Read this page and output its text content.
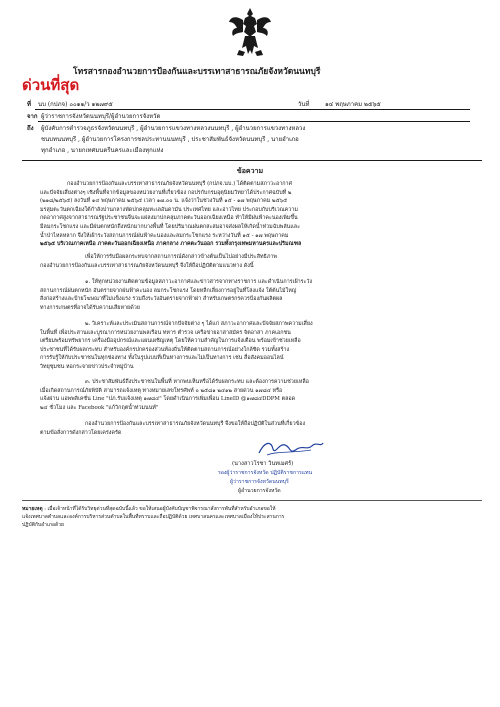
โทรสารกองอำนวยการป้องกันและบรรเทาสาธารณภัยจังหวัดนนทบุรี
ด่วนที่สุด
ที่ นบ (กปภจ) ๐๐๑๑/ว ๑๒๗๙๕	วันที่	๑๔ พฤษภาคม ๒๕๖๕
จาก ผู้ว่าราชการจังหวัดนนทบุรี/ผู้อำนวยการจังหวัด
ถึง ผู้บังคับการตำรวจภูธรจังหวัดนนทบุรี , ผู้อำนวยการแขวงทางหลวงนนทบุรี , ผู้อำนวยการแขวงทางหลวง
ชนบทนนทบุรี , ผู้อำนวยการโครงการชลประทานนนทบุรี , ประชาสัมพันธ์จังหวัดนนทบุรี , นายอำเภอ
ทุกอำเภอ , นายกเทศมนตรีนครและเมืองทุกแห่ง
ข้อความ
กองอำนวยการป้องกันและบรรเทาสาธารณภัยจังหวัดนนทบุรี (กปภจ.นบ.) ได้ติดตามสภาวะอากาศ
และปัจจัยเสี่ยงต่างๆ เชิงพื้นที่จากข้อมูลของหน่วยงานที่เกี่ยวข้อง กอปรกับกรมอุตุนิยมวิทยาได้ประกาศฉบับที่ ๒
(๒๑๘/๒๕๖๕) ลงวันที่ ๑๔ พฤษภาคม ๒๕๖๕ เวลา ๑๗.๐๐ น. แจ้งว่าในช่วงวันที่ ๑๕ - ๑๗ พฤษภาคม ๒๕๖๕
มรสุมตะวันตกเฉียงใต้กำลังปานกลางพัดปกคลุมทะเลอันดามัน ประเทศไทย และอ่าวไทย ประกอบกับบริเวณความ
กดอากาศสูงจากสาธารณรัฐประชาชนจีนจะแผ่ลงมาปกคลุมภาคตะวันออกเฉียงเหนือ ทำให้มีฝนฟ้าคะนองเพิ่มขึ้น
มีลมกระโชกแรง และมีฝนตกหนักถึงหนักมากบางพื้นที่ โดยปริมาณฝนตกสะสมอาจส่งผลให้เกิดน้ำท่วมฉับพลันและ
น้ำป่าไหลหลาก จึงให้เฝ้าระวังสถานการณ์ฝนฟ้าคะนองและลมกระโชกแรง ระหว่างวันที่ ๑๕ - ๑๗ พฤษภาคม
๒๕๖๕ บริเวณภาคเหนือ ภาคตะวันออกเฉียงเหนือ ภาคกลาง ภาคตะวันออก รวมทั้งกรุงเทพมหานครและปริมณฑล
เพื่อให้การรับมือผลกระทบจากสถานการณ์ดังกล่าวข้างต้นเป็นไปอย่างมีประสิทธิภาพ
กองอำนวยการป้องกันและบรรเทาสาธารณภัยจังหวัดนนทบุรี จึงให้ถือปฏิบัติตามแนวทาง ดังนี้
๑. ให้ทุกหน่วยงานติดตามข้อมูลสภาวะอากาศและข่าวสารจากทางราชการ และดำเนินการเฝ้าระวัง
สถานการณ์ฝนตกหนัก อันตรายจากฝนฟ้าคะนอง ลมกระโชกแรง โดยหลีกเลี่ยงการอยู่ในที่โล่งแจ้ง ใต้ต้นไม้ใหญ่
สิ่งก่อสร้างและป้ายโฆษณาที่ไม่แข็งแรง รวมถึงระวังอันตรายจากฟ้าผ่า สำหรับเกษตรกรควรป้องกันผลิตผล
ทางการเกษตรที่อาจได้รับความเสียหายด้วย
๒. วิเคราะห์และประเมินสถานการณ์จากปัจจัยต่าง ๆ ได้แก่ สภาวะอากาศและปัจจัยสภาพความเสี่ยง
ในพื้นที่ เพื่อประสานและบูรณาการหน่วยงานพลเรือน ทหาร ตำรวจ เครือข่ายอาสาสมัคร จิตอาสา ภาคเอกชน
เตรียมพร้อมทรัพยากร เครื่องมืออุปกรณ์และแผนเผชิญเหตุ โดยให้ความสำคัญในการแจ้งเตือน พร้อมเข้าช่วยเหลือ
ประชาชนที่ได้รับผลกระทบ สำหรับองค์กรปกครองส่วนท้องถิ่นให้ติดตามสถานการณ์อย่างใกล้ชิด รวมทั้งสร้าง
การรับรู้ให้กับประชาชนในทุกช่องทาง ทั้งในรูปแบบที่เป็นทางการและไม่เป็นทางการ เช่น สื่อสังคมออนไลน์
วิทยุชุมชน หอกระจายข่าวประจำหมู่บ้าน
๓. ประชาสัมพันธ์ถึงประชาชนในพื้นที่ หากพบเห็นหรือได้รับผลกระทบ และต้องการความช่วยเหลือ
เมื่อเกิดสถานการณ์ภัยพิบัติ สามารถแจ้งเหตุ ทางหมายเลขโทรศัพท์ ๐ ๒๕๘๑ ๒๔๑๒ สายด่วน ๑๗๘๔ หรือ
แจ้งผ่าน แอพพลิเคชั่น Line "ปภ.รับแจ้งเหตุ ๑๗๘๔" โดยดำเนินการเพิ่มเพื่อน LineID @๑๗๘๔DDPM ตลอด
๒๔ ชั่วโมง และ Facebook "แก้วิกฤตน้ำท่วมนนท์"
กองอำนวยการป้องกันและบรรเทาสาธารณภัยจังหวัดนนทบุรี จึงขอให้ถือปฏิบัติในส่วนที่เกี่ยวข้อง
ตามข้อสั่งการดังกล่าวโดยเคร่งครัด
(นางสาวโรชา วินทเมศร์)
รองผู้ว่าราชการจังหวัด ปฏิบัติราชการแทน
ผู้ว่าราชการจังหวัดนนทบุรี
ผู้อำนวยการจังหวัด
หมายเหตุ : เมื่อเจ้าหน้าที่ได้รับวิทยุด่วนที่สุดฉบับนี้แล้ว ขอให้เสนอผู้บังคับบัญชาพิจารณาสั่งการพันที่สำหรับอำเภอขอให้
แจ้งเทศบาลตำบลและองค์การบริหารส่วนตำบลในพื้นที่ทราบและถือปฏิบัติด้วย เทศบาลนครและเทศบาลเมืองให้ประสานการ
ปฏิบัติกับอำเภอด้วย
